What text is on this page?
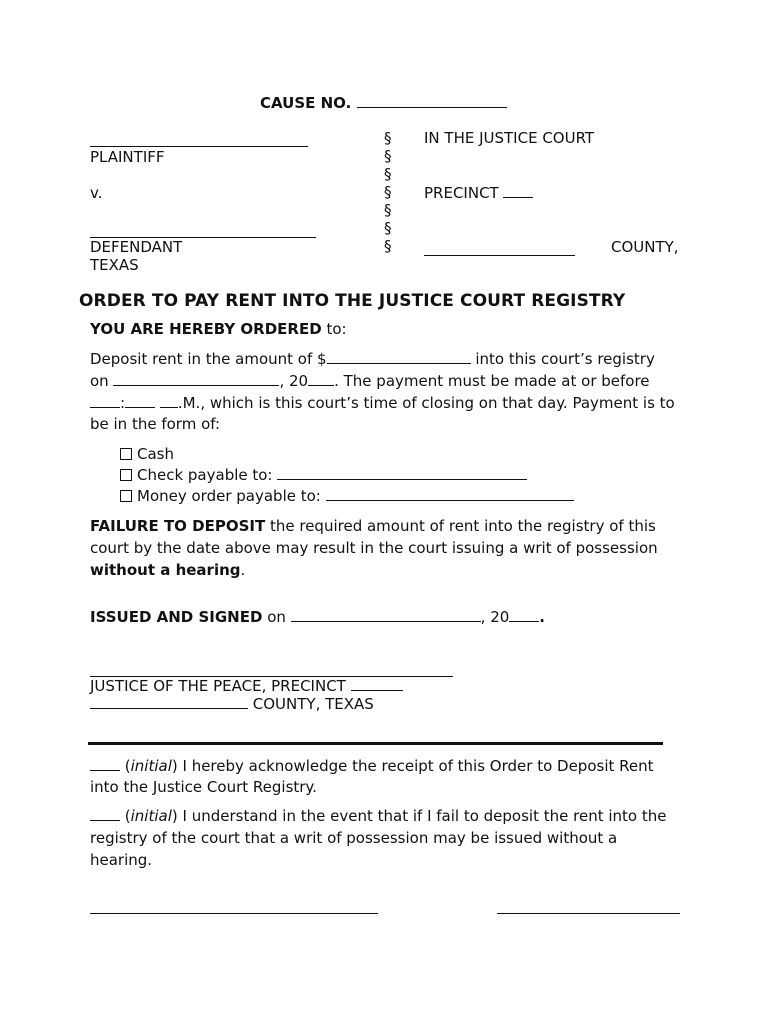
CAUSE NO.
PLAINTIFF
v.
DEFENDANT
TEXAS
§
§
§
§
§
§
§
IN THE JUSTICE COURT
PRECINCT
COUNTY,
ORDER TO PAY RENT INTO THE JUSTICE COURT REGISTRY
YOU ARE HEREBY ORDERED to:
Deposit rent in the amount of $	into this court’s registry
on	, 20 . The payment must be made at or before
:	.M., which is this court’s time of closing on that day. Payment is to
be in the form of:
Cash
Check payable to:
Money order payable to:
FAILURE TO DEPOSIT the required amount of rent into the registry of this
court by the date above may result in the court issuing a writ of possession
without a hearing.
ISSUED AND SIGNED on	, 20 .
JUSTICE OF THE PEACE, PRECINCT
COUNTY, TEXAS
(initial) I hereby acknowledge the receipt of this Order to Deposit Rent
into the Justice Court Registry.
(initial) I understand in the event that if I fail to deposit the rent into the
registry of the court that a writ of possession may be issued without a
hearing.
